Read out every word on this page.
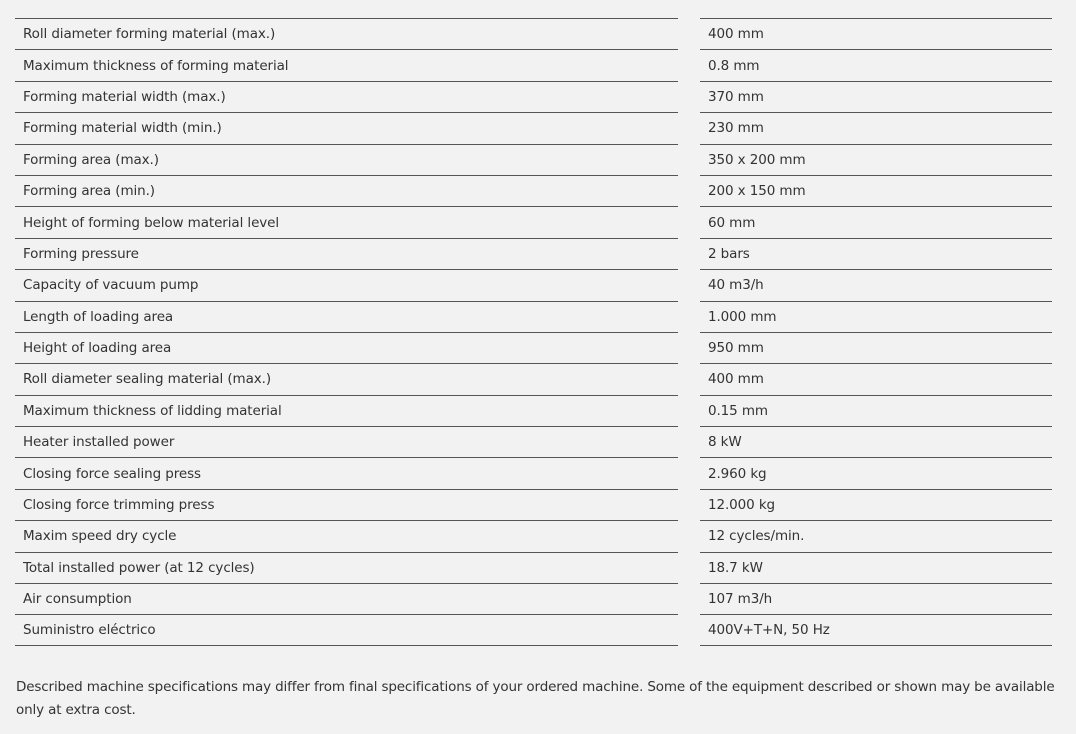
Roll diameter forming material (max.)	400 mm
Maximum thickness of forming material	0.8 mm
Forming material width (max.)	370 mm
Forming material width (min.)	230 mm
Forming area (max.)	350 x 200 mm
Forming area (min.)	200 x 150 mm
Height of forming below material level	60 mm
Forming pressure	2 bars
Capacity of vacuum pump	40 m3/h
Length of loading area	1.000 mm
Height of loading area	950 mm
Roll diameter sealing material (max.)	400 mm
Maximum thickness of lidding material	0.15 mm
Heater installed power	8 kW
Closing force sealing press	2.960 kg
Closing force trimming press	12.000 kg
Maxim speed dry cycle	12 cycles/min.
Total installed power (at 12 cycles)	18.7 kW
Air consumption	107 m3/h
Suministro eléctrico	400V+T+N, 50 Hz

Described machine specifications may differ from final specifications of your ordered machine. Some of the equipment described or shown may be available only at extra cost.
